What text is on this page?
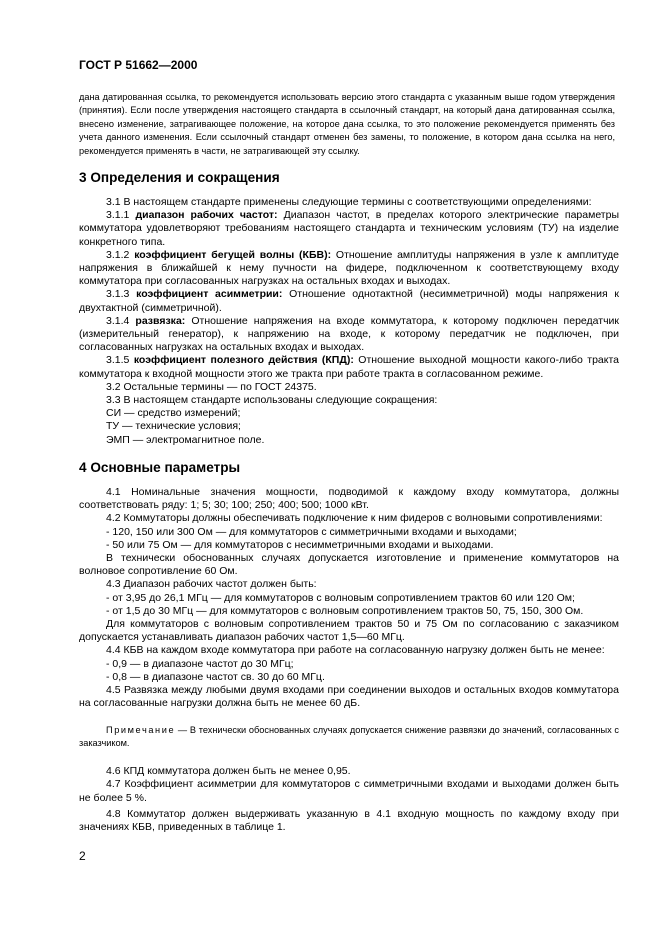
ГОСТ Р 51662—2000
дана датированная ссылка, то рекомендуется использовать версию этого стандарта с указанным выше годом утверждения (принятия). Если после утверждения настоящего стандарта в ссылочный стандарт, на который дана датированная ссылка, внесено изменение, затрагивающее положение, на которое дана ссылка, то это положение рекомендуется применять без учета данного изменения. Если ссылочный стандарт отменен без замены, то положение, в котором дана ссылка на него, рекомендуется применять в части, не затрагивающей эту ссылку.
3 Определения и сокращения

3.1 В настоящем стандарте применены следующие термины с соответствующими определениями:

3.1.1 диапазон рабочих частот: Диапазон частот, в пределах которого электрические параметры коммутатора удовлетворяют требованиям настоящего стандарта и техническим условиям (ТУ) на изделие конкретного типа.

3.1.2 коэффициент бегущей волны (КБВ): Отношение амплитуды напряжения в узле к амплитуде напряжения в ближайшей к нему пучности на фидере, подключенном к соответствующему входу коммутатора при согласованных нагрузках на остальных входах и выходах.

3.1.3 коэффициент асимметрии: Отношение однотактной (несимметричной) моды напряжения к двухтактной (симметричной).

3.1.4 развязка: Отношение напряжения на входе коммутатора, к которому подключен передатчик (измерительный генератор), к напряжению на входе, к которому передатчик не подключен, при согласованных нагрузках на остальных входах и выходах.

3.1.5 коэффициент полезного действия (КПД): Отношение выходной мощности какого-либо тракта коммутатора к входной мощности этого же тракта при работе тракта в согласованном режиме.

3.2 Остальные термины — по ГОСТ 24375.

3.3 В настоящем стандарте использованы следующие сокращения:

СИ — средство измерений;

ТУ — технические условия;

ЭМП — электромагнитное поле.

4 Основные параметры

4.1 Номинальные значения мощности, подводимой к каждому входу коммутатора, должны соответствовать ряду: 1; 5; 30; 100; 250; 400; 500; 1000 кВт.

4.2 Коммутаторы должны обеспечивать подключение к ним фидеров с волновыми сопротивлениями:

- 120, 150 или 300 Ом — для коммутаторов с симметричными входами и выходами;

- 50 или 75 Ом — для коммутаторов с несимметричными входами и выходами.

В технически обоснованных случаях допускается изготовление и применение коммутаторов на волновое сопротивление 60 Ом.

4.3 Диапазон рабочих частот должен быть:

- от 3,95 до 26,1 МГц — для коммутаторов с волновым сопротивлением трактов 60 или 120 Ом;

- от 1,5 до 30 МГц — для коммутаторов с волновым сопротивлением трактов 50, 75, 150, 300 Ом.

Для коммутаторов с волновым сопротивлением трактов 50 и 75 Ом по согласованию с заказчиком допускается устанавливать диапазон рабочих частот 1,5—60 МГц.

4.4 КБВ на каждом входе коммутатора при работе на согласованную нагрузку должен быть не менее:

- 0,9 — в диапазоне частот до 30 МГц;

- 0,8 — в диапазоне частот св. 30 до 60 МГц.

4.5 Развязка между любыми двумя входами при соединении выходов и остальных входов коммутатора на согласованные нагрузки должна быть не менее 60 дБ.

Примечание — В технически обоснованных случаях допускается снижение развязки до значений, согласованных с заказчиком.

4.6 КПД коммутатора должен быть не менее 0,95.

4.7 Коэффициент асимметрии для коммутаторов с симметричными входами и выходами должен быть не более 5 %.

4.8 Коммутатор должен выдерживать указанную в 4.1 входную мощность по каждому входу при значениях КБВ, приведенных в таблице 1.

2
